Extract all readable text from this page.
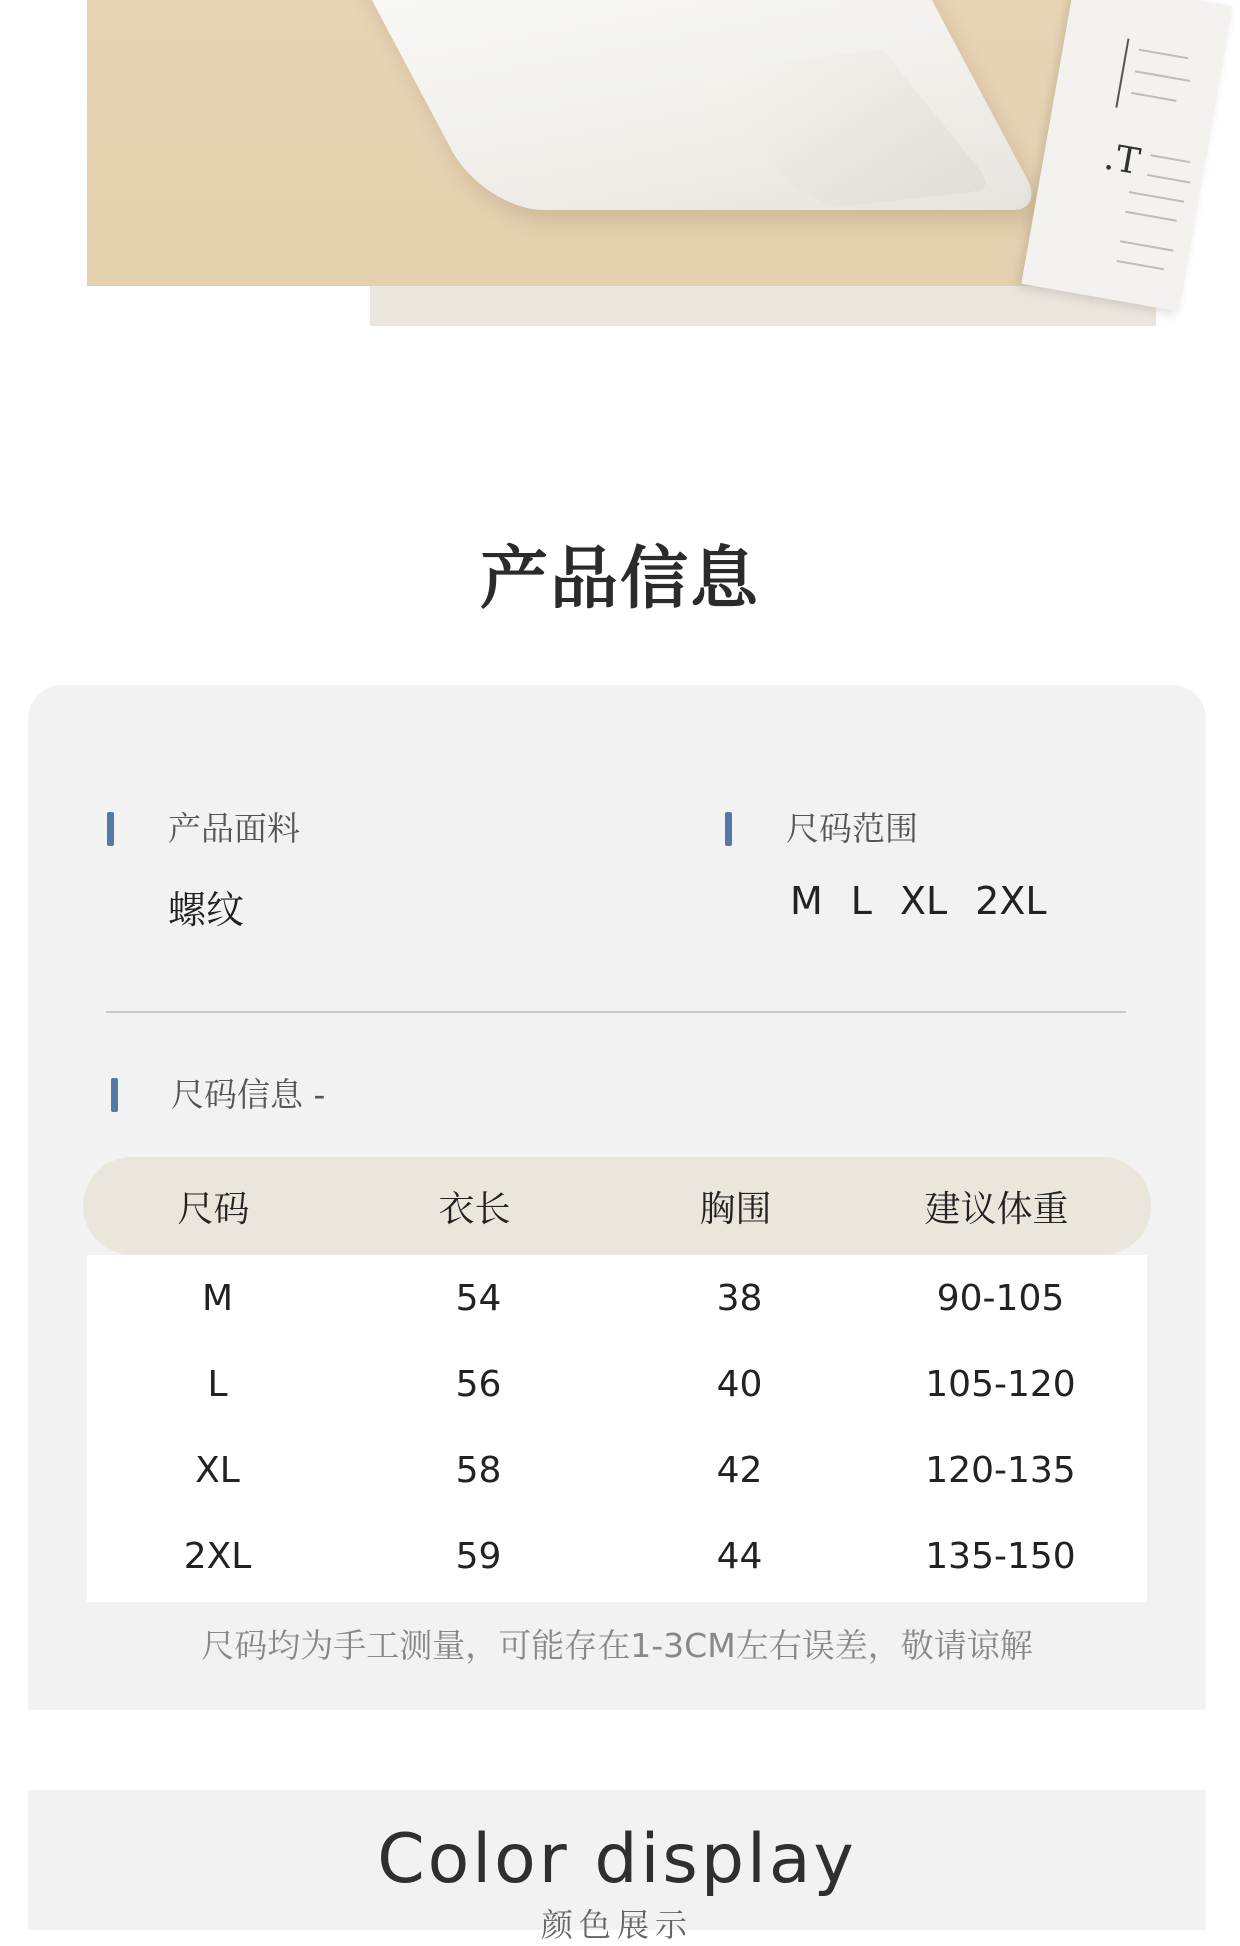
.T
产品信息
产品面料
螺纹
尺码范围
M L XL 2XL
尺码信息 -
尺码	衣长	胸围	建议体重
M	54	38	90-105
L	56	40	105-120
XL	58	42	120-135
2XL	59	44	135-150
尺码均为手工测量，可能存在1-3CM左右误差，敬请谅解
Color display
颜色展示
